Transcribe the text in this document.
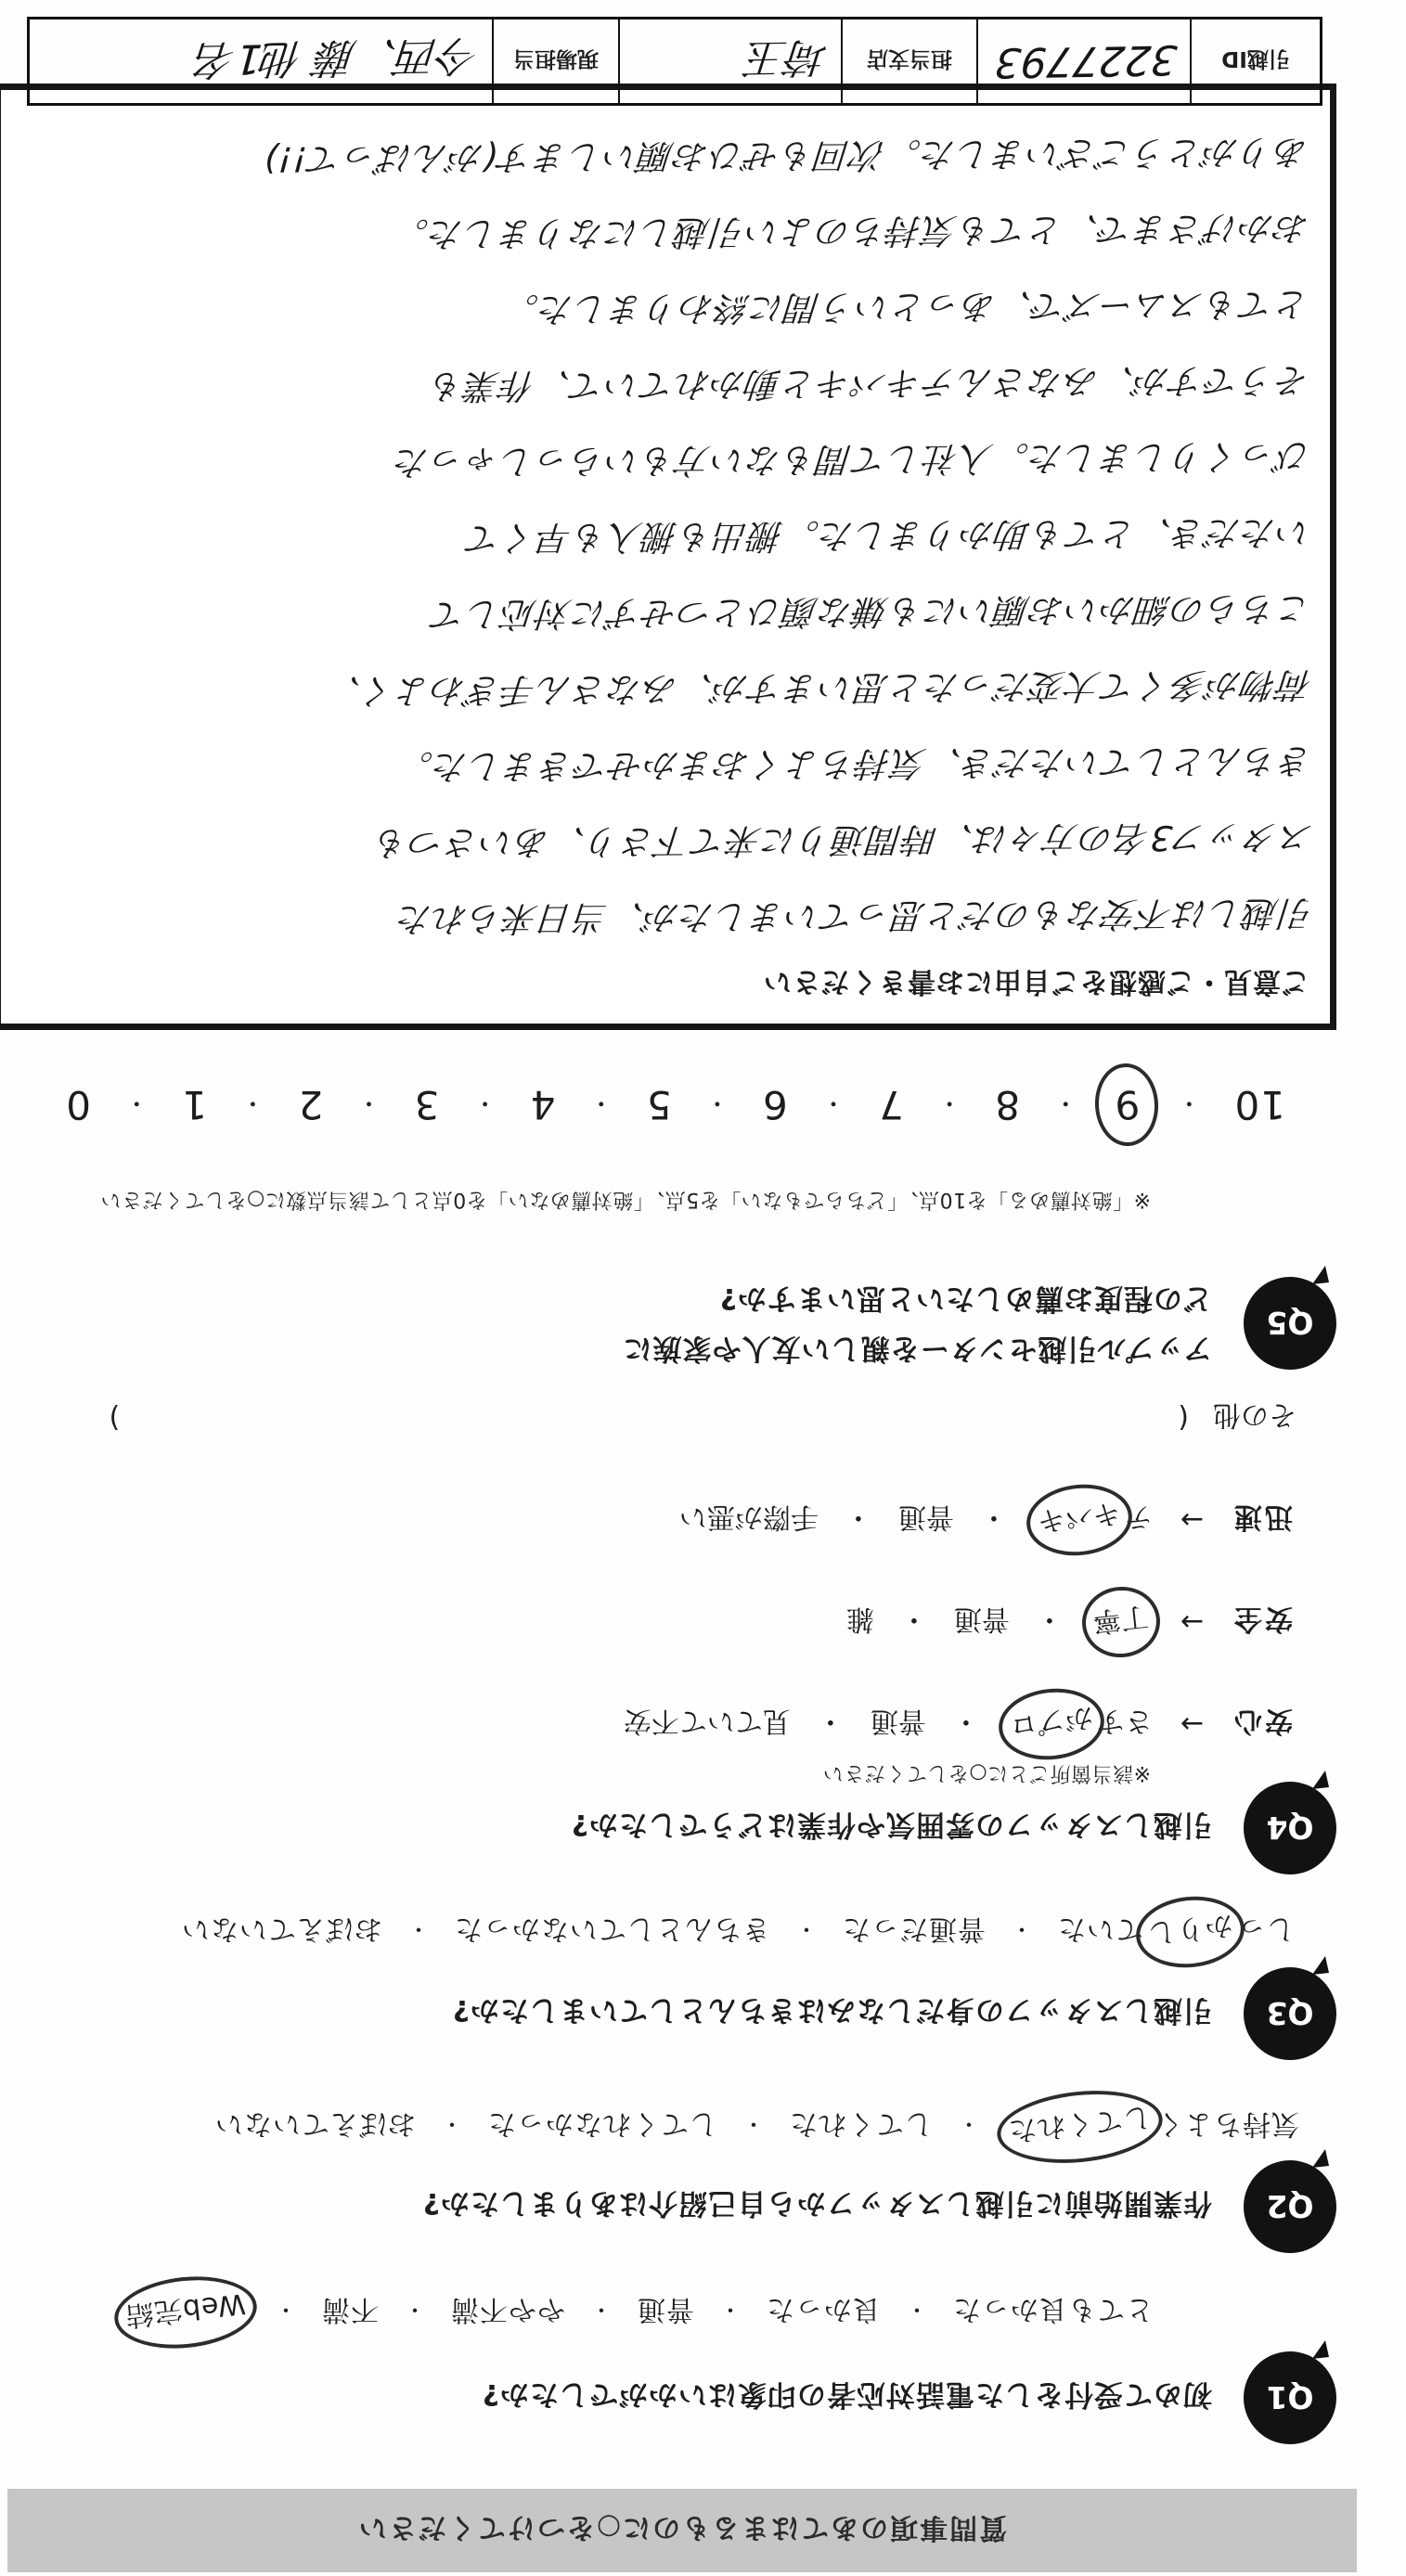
質問事項のあてはまるものに○をつけてください
Q1
初めて受付をした電話対応者の印象はいかがでしたか?
とても良かった
・
良かった
・
普通
・
やや不満
・
不満
・
Web完結
Q2
作業開始前に引越しスタッフから自己紹介はありましたか?
気持ちよくしてくれた
・
してくれた
・
してくれなかった
・
おぼえていない
Q3
引越しスタッフの身だしなみはきちんとしていましたか?
しっかりしていた
・
普通だった
・
きちんとしていなかった
・
おぼえていない
Q4
引越しスタッフの雰囲気や作業はどうでしたか?
※該当箇所ごとに○をしてください
安心
→
さすがプロ
・
普通
・
見ていて不安
安全
→
丁寧
・
普通
・
雑
迅速
→
テキパキ
・
普通
・
手際が悪い
その他
(
)
Q5
アップル引越センターを親しい友人や家族に
どの程度お薦めしたいと思いますか?
※「絶対薦める」を10点、「どちらでもない」を5点、「絶対薦めない」を0点として該当点数に○をしてください
10
・
9
・
8
・
7
・
6
・
5
・
4
・
3
・
2
・
1
・
0
ご意見・ご感想をご自由にお書きください
引越しは不安なものだと思っていましたが、当日来られた
スタッフ3名の方々は、時間通りに来て下さり、あいさつも
きちんとしていただき、気持ちよくおまかせできました。
荷物が多くて大変だったと思いますが、みなさん手ぎわよく、
こちらの細かいお願いにも嫌な顔ひとつせずに対応して
いただき、とても助かりました。搬出も搬入も早くて
びっくりしました。入社して間もない方もいらっしゃった
そうですが、みなさんテキパキと動かれていて、作業も
とてもスムーズで、あっという間に終わりました。
おかげさまで、とても気持ちのよい引越しになりました。
ありがとうございました。次回もぜひお願いします(がんばって!!)
引越ID
3227793
担当支店
埼玉
現場担当
今西、藤 他1名
